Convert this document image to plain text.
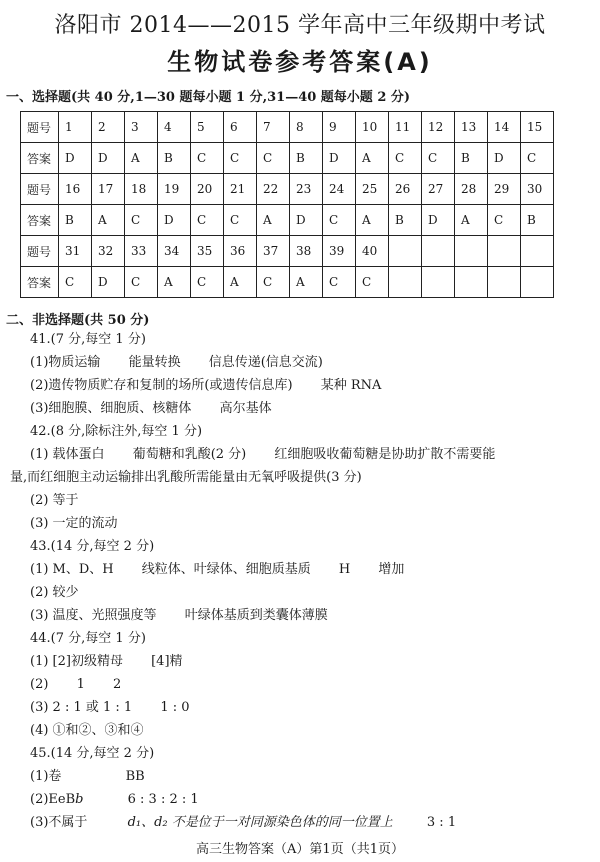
洛阳市 2014——2015 学年高中三年级期中考试
生物试卷参考答案(A)
一、选择题(共 40 分,1—30 题每小题 1 分,31—40 题每小题 2 分)
题号	1	2	3	4	5	6	7	8	9	10	11	12	13	14	15
答案	D	D	A	B	C	C	C	B	D	A	C	C	B	D	C
题号	16	17	18	19	20	21	22	23	24	25	26	27	28	29	30
答案	B	A	C	D	C	C	A	D	C	A	B	D	A	C	B
题号	31	32	33	34	35	36	37	38	39	40					
答案	C	D	C	A	C	A	C	A	C	C					
二、非选择题(共 50 分)
41.(7 分,每空 1 分)
(1)物质运输 能量转换 信息传递(信息交流)
(2)遗传物质贮存和复制的场所(或遗传信息库) 某种 RNA
(3)细胞膜、细胞质、核糖体 高尔基体
42.(8 分,除标注外,每空 1 分)
(1) 载体蛋白 葡萄糖和乳酸(2 分) 红细胞吸收葡萄糖是协助扩散不需要能
量,而红细胞主动运输排出乳酸所需能量由无氧呼吸提供(3 分)
(2) 等于
(3) 一定的流动
43.(14 分,每空 2 分)
(1) M、D、H 线粒体、叶绿体、细胞质基质 H 增加
(2) 较少
(3) 温度、光照强度等 叶绿体基质到类囊体薄膜
44.(7 分,每空 1 分)
(1) [2]初级精母 [4]精
(2) 1 2
(3) 2 : 1 或 1 : 1 1 : 0
(4) ①和②、③和④
45.(14 分,每空 2 分)
(1)卷	BB
(2)EeBb	6 : 3 : 2 : 1
(3)不属于	d₁、d₂ 不是位于一对同源染色体的同一位置上	3 : 1
高三生物答案（A）第1页（共1页）
